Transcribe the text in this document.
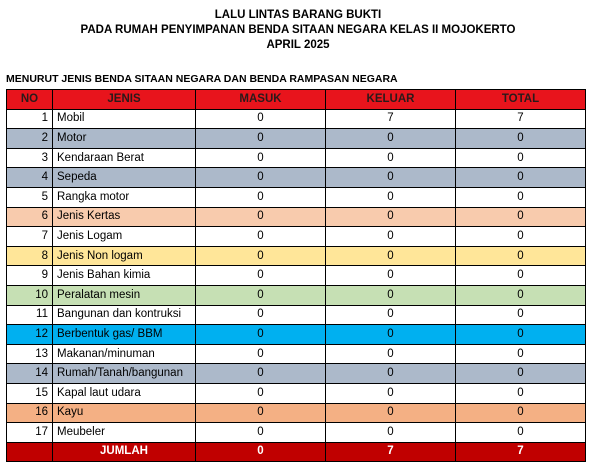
LALU LINTAS BARANG BUKTI
PADA RUMAH PENYIMPANAN BENDA SITAAN NEGARA KELAS II MOJOKERTO
APRIL 2025
MENURUT JENIS BENDA SITAAN NEGARA DAN BENDA RAMPASAN NEGARA
NO	JENIS	MASUK	KELUAR	TOTAL
1	Mobil	0	7	7
2	Motor	0	0	0
3	Kendaraan Berat	0	0	0
4	Sepeda	0	0	0
5	Rangka motor	0	0	0
6	Jenis Kertas	0	0	0
7	Jenis Logam	0	0	0
8	Jenis Non logam	0	0	0
9	Jenis Bahan kimia	0	0	0
10	Peralatan mesin	0	0	0
11	Bangunan dan kontruksi	0	0	0
12	Berbentuk gas/ BBM	0	0	0
13	Makanan/minuman	0	0	0
14	Rumah/Tanah/bangunan	0	0	0
15	Kapal laut udara	0	0	0
16	Kayu	0	0	0
17	Meubeler	0	0	0
	JUMLAH	0	7	7
